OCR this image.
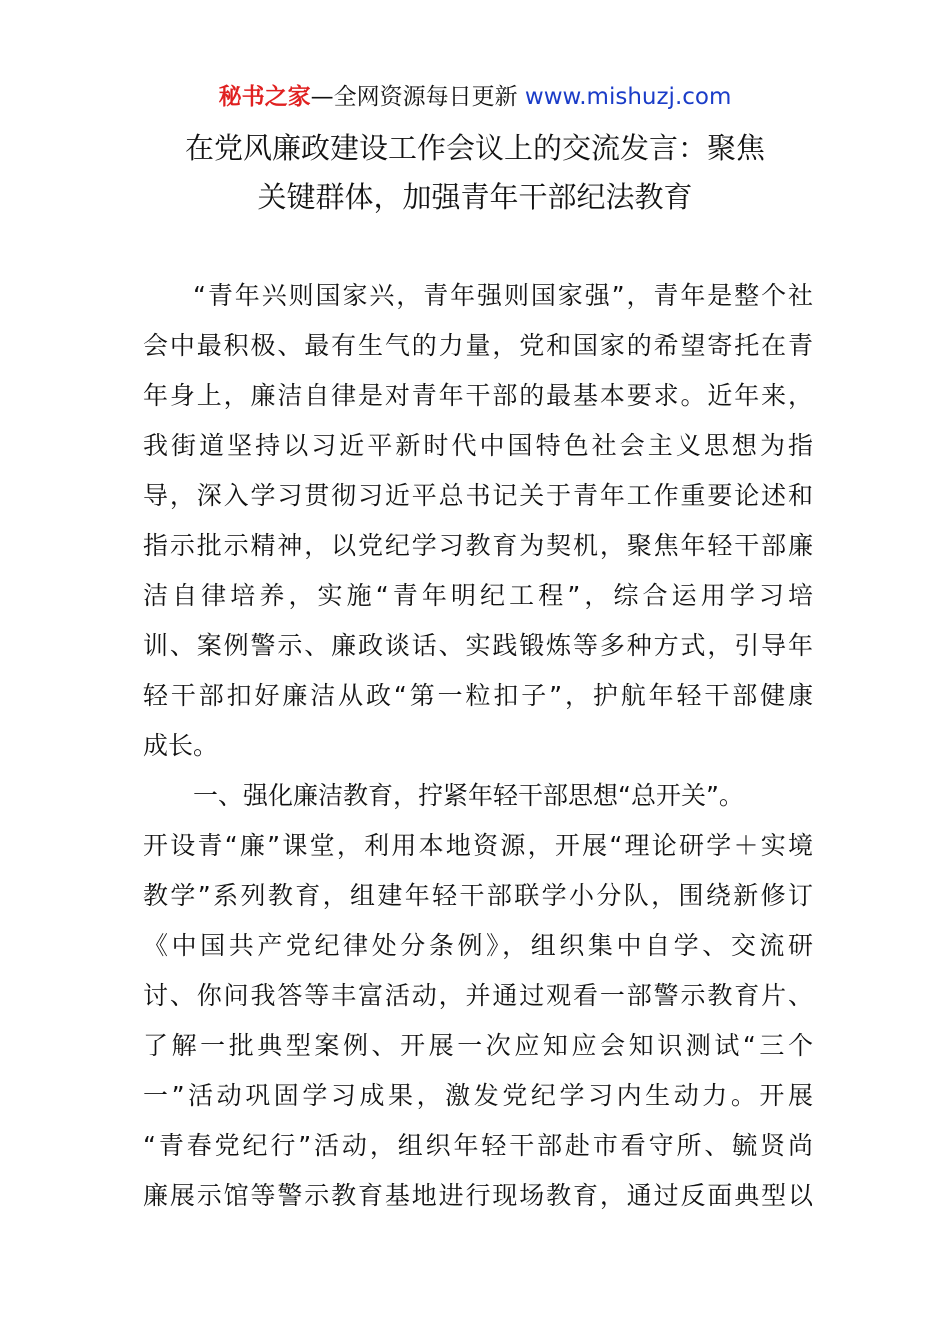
秘书之家—全网资源每日更新 www.mishuzj.com
在党风廉政建设工作会议上的交流发言：聚焦
关键群体，加强青年干部纪法教育
“青年兴则国家兴，青年强则国家强”，青年是整个社
会中最积极、最有生气的力量，党和国家的希望寄托在青
年身上，廉洁自律是对青年干部的最基本要求。近年来，
我街道坚持以习近平新时代中国特色社会主义思想为指
导，深入学习贯彻习近平总书记关于青年工作重要论述和
指示批示精神，以党纪学习教育为契机，聚焦年轻干部廉
洁自律培养，实施“青年明纪工程”，综合运用学习培
训、案例警示、廉政谈话、实践锻炼等多种方式，引导年
轻干部扣好廉洁从政“第一粒扣子”，护航年轻干部健康
成长。
一、强化廉洁教育，拧紧年轻干部思想“总开关”。
开设青“廉”课堂，利用本地资源，开展“理论研学＋实境
教学”系列教育，组建年轻干部联学小分队，围绕新修订
《中国共产党纪律处分条例》，组织集中自学、交流研
讨、你问我答等丰富活动，并通过观看一部警示教育片、
了解一批典型案例、开展一次应知应会知识测试“三个
一”活动巩固学习成果，激发党纪学习内生动力。开展
“青春党纪行”活动，组织年轻干部赴市看守所、毓贤尚
廉展示馆等警示教育基地进行现场教育，通过反面典型以
